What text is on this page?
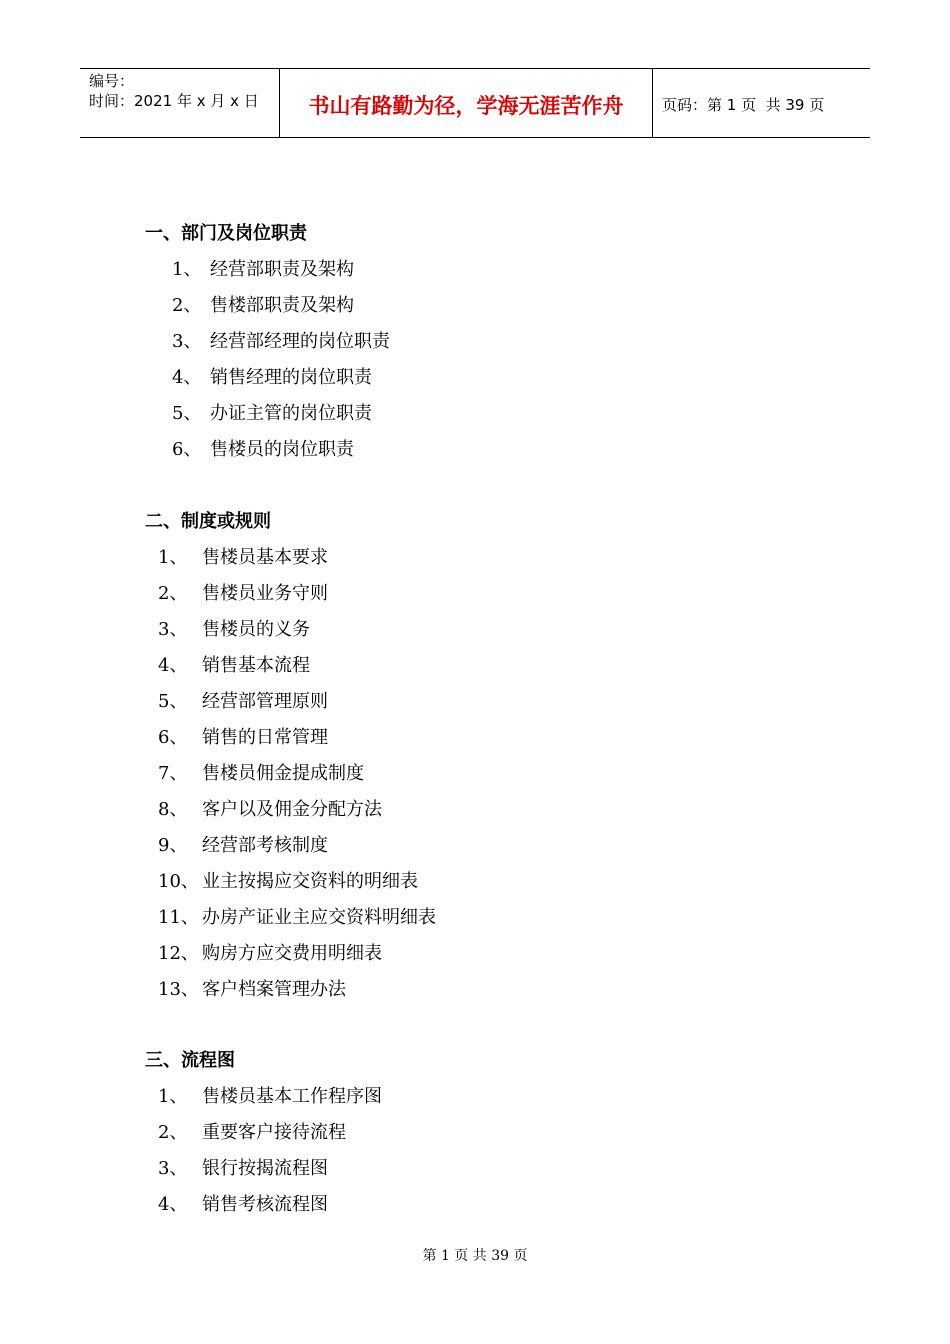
编号：
时间：2021 年 x 月 x 日	书山有路勤为径，学海无涯苦作舟	页码：第 1 页  共 39 页
一、部门及岗位职责
1、 经营部职责及架构
2、 售楼部职责及架构
3、 经营部经理的岗位职责
4、 销售经理的岗位职责
5、 办证主管的岗位职责
6、 售楼员的岗位职责
二、制度或规则
1、 售楼员基本要求
2、 售楼员业务守则
3、 售楼员的义务
4、 销售基本流程
5、 经营部管理原则
6、 销售的日常管理
7、 售楼员佣金提成制度
8、 客户以及佣金分配方法
9、 经营部考核制度
10、 业主按揭应交资料的明细表
11、 办房产证业主应交资料明细表
12、 购房方应交费用明细表
13、 客户档案管理办法
三、流程图
1、 售楼员基本工作程序图
2、 重要客户接待流程
3、 银行按揭流程图
4、 销售考核流程图
第 1 页 共 39 页
